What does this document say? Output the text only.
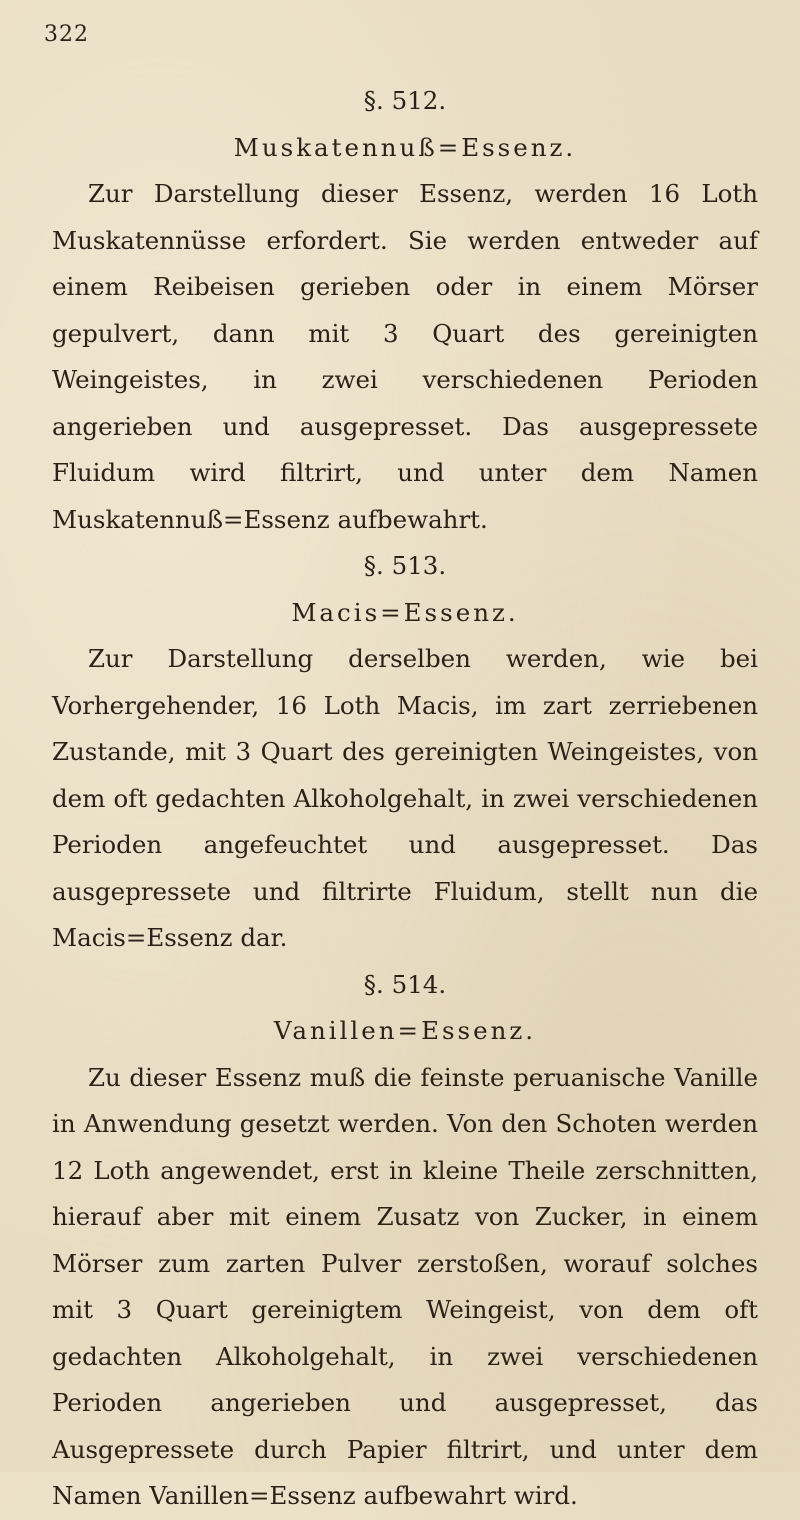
322
§. 512.
Muskatennuß=Essenz.

Zur Darstellung dieser Essenz, werden 16 Loth Muskatennüsse erfordert. Sie werden entweder auf einem Reibeisen gerieben oder in einem Mörser gepulvert, dann mit 3 Quart des gereinigten Weingeistes, in zwei verschiedenen Perioden angerieben und ausgepresset. Das ausgepressete Fluidum wird filtrirt, und unter dem Namen Muskatennuß=Essenz aufbewahrt.

§. 513.
Macis=Essenz.

Zur Darstellung derselben werden, wie bei Vorhergehender, 16 Loth Macis, im zart zerriebenen Zustande, mit 3 Quart des gereinigten Weingeistes, von dem oft gedachten Alkoholgehalt, in zwei verschiedenen Perioden angefeuchtet und ausgepresset. Das ausgepressete und filtrirte Fluidum, stellt nun die Macis=Essenz dar.

§. 514.
Vanillen=Essenz.

Zu dieser Essenz muß die feinste peruanische Vanille in Anwendung gesetzt werden. Von den Schoten werden 12 Loth angewendet, erst in kleine Theile zerschnitten, hierauf aber mit einem Zusatz von Zucker, in einem Mörser zum zarten Pulver zerstoßen, worauf solches mit 3 Quart gereinigtem Weingeist, von dem oft gedachten Alkoholgehalt, in zwei verschiedenen Perioden angerieben und ausgepresset, das Ausgepressete durch Papier filtrirt, und unter dem Namen Vanillen=Essenz aufbewahrt wird.
